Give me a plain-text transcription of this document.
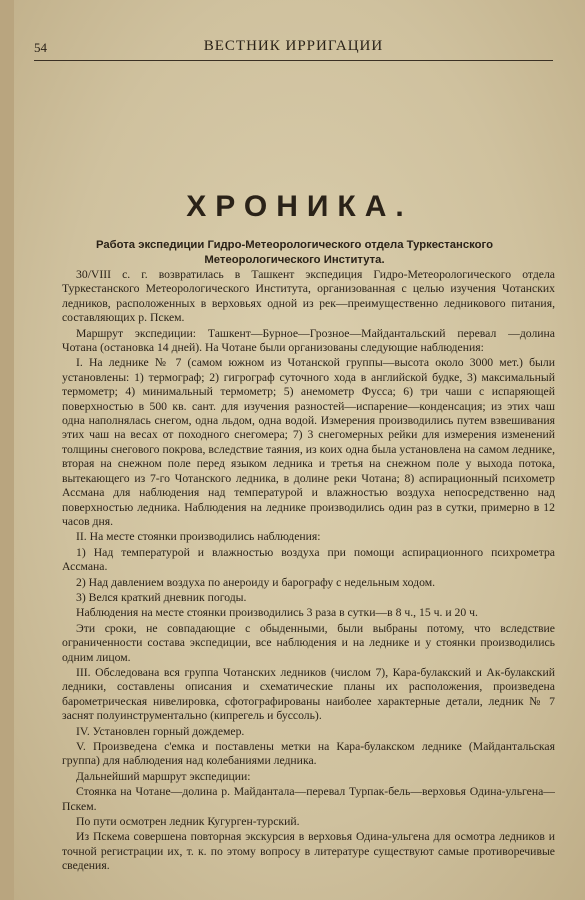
54	ВЕСТНИК ИРРИГАЦИИ
ХРОНИКА.
Работа экспедиции Гидро-Метеорологического отдела Туркестанского Метеорологического Института.

30/VIII с. г. возвратилась в Ташкент экспедиция Гидро-Метеорологического отдела Туркестанского Метеорологического Института, организованная с целью изучения Чотанских ледников, расположенных в верховьях одной из рек—преимущественно ледникового питания, составляющих р. Пскем.

Маршрут экспедиции: Ташкент—Бурное—Грозное—Майдантальский перевал —долина Чотана (остановка 14 дней). На Чотане были организованы следующие наблюдения:

I. На леднике № 7 (самом южном из Чотанской группы—высота около 3000 мет.) были установлены: 1) термограф; 2) гигрограф суточного хода в английской будке, 3) максимальный термометр; 4) минимальный термометр; 5) анемометр Фусса; 6) три чаши с испаряющей поверхностью в 500 кв. сант. для изучения разностей—испарение—конденсация; из этих чаш одна наполнялась снегом, одна льдом, одна водой. Измерения производились путем взвешивания этих чаш на весах от походного снегомера; 7) 3 снегомерных рейки для измерения изменений толщины снегового покрова, вследствие таяния, из коих одна была установлена на самом леднике, вторая на снежном поле перед языком ледника и третья на снежном поле у выхода потока, вытекающего из 7-го Чотанского ледника, в долине реки Чотана; 8) аспирационный психометр Ассмана для наблюдения над температурой и влажностью воздуха непосредственно над поверхностью ледника. Наблюдения на леднике производились один раз в сутки, примерно в 12 часов дня.

II. На месте стоянки производились наблюдения:

1) Над температурой и влажностью воздуха при помощи аспирационного психрометра Ассмана.

2) Над давлением воздуха по анероиду и барографу с недельным ходом.

3) Велся краткий дневник погоды.

Наблюдения на месте стоянки производились 3 раза в сутки—в 8 ч., 15 ч. и 20 ч.

Эти сроки, не совпадающие с обыденными, были выбраны потому, что вследствие ограниченности состава экспедиции, все наблюдения и на леднике и у стоянки производились одним лицом.

III. Обследована вся группа Чотанских ледников (числом 7), Кара-булакский и Ак-булакский ледники, составлены описания и схематические планы их расположения, произведена барометрическая нивелировка, сфотографированы наиболее характерные детали, ледник № 7 заснят полуинструментально (кипрегель и буссоль).

IV. Установлен горный дождемер.

V. Произведена с'емка и поставлены метки на Кара-булакском леднике (Майдантальская группа) для наблюдения над колебаниями ледника.

Дальнейший маршрут экспедиции:

Стоянка на Чотане—долина р. Майдантала—перевал Турпак-бель—верховья Одина-ульгена—Пскем.

По пути осмотрен ледник Кугурген-турский.

Из Пскема совершена повторная экскурсия в верховья Одина-ульгена для осмотра ледников и точной регистрации их, т. к. по этому вопросу в литературе существуют самые противоречивые сведения.
